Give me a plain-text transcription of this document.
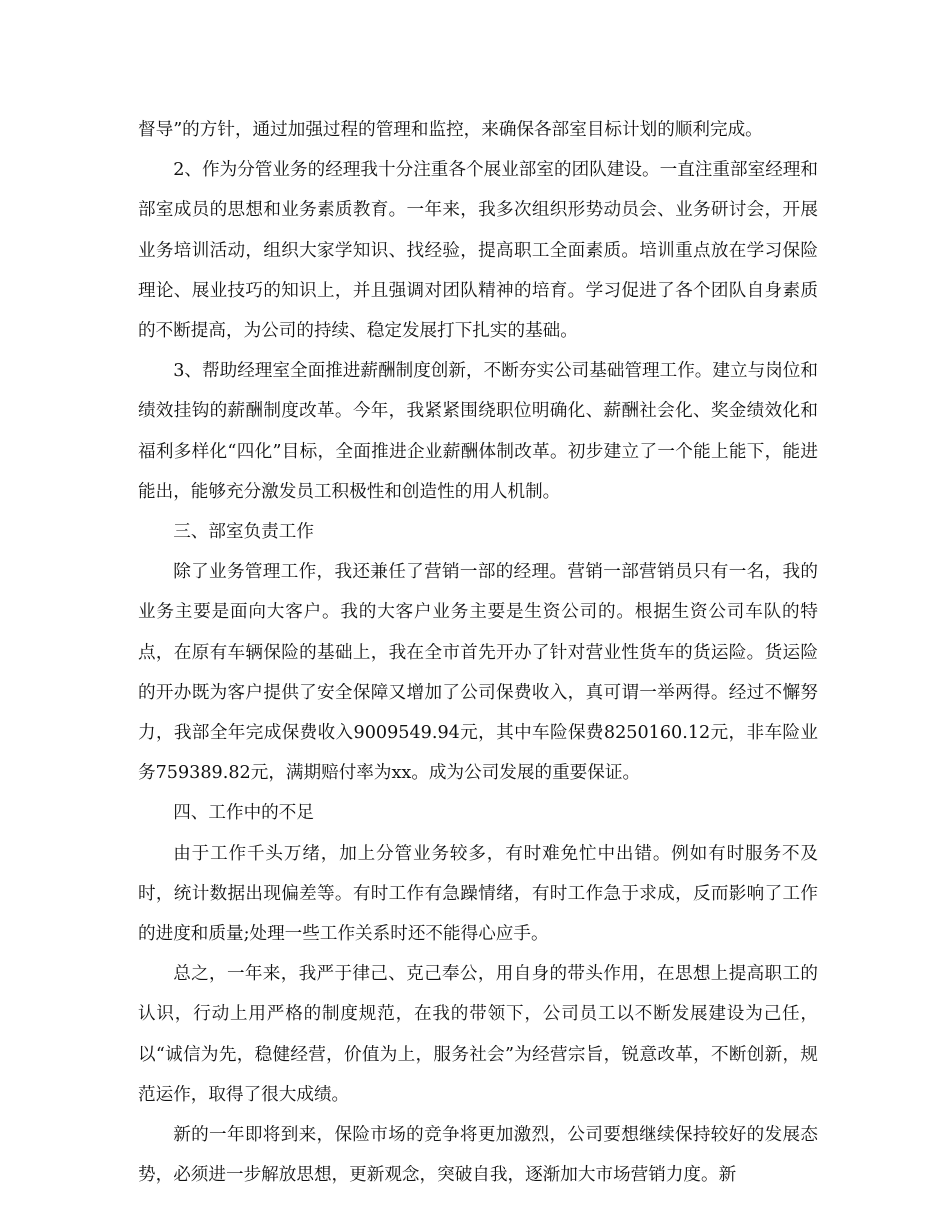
督导”的方针，通过加强过程的管理和监控，来确保各部室目标计划的顺利完成。

2、作为分管业务的经理我十分注重各个展业部室的团队建设。一直注重部室经理和部室成员的思想和业务素质教育。一年来，我多次组织形势动员会、业务研讨会，开展业务培训活动，组织大家学知识、找经验，提高职工全面素质。培训重点放在学习保险理论、展业技巧的知识上，并且强调对团队精神的培育。学习促进了各个团队自身素质的不断提高，为公司的持续、稳定发展打下扎实的基础。

3、帮助经理室全面推进薪酬制度创新，不断夯实公司基础管理工作。建立与岗位和绩效挂钩的薪酬制度改革。今年，我紧紧围绕职位明确化、薪酬社会化、奖金绩效化和福利多样化“四化”目标，全面推进企业薪酬体制改革。初步建立了一个能上能下，能进能出，能够充分激发员工积极性和创造性的用人机制。

三、部室负责工作

除了业务管理工作，我还兼任了营销一部的经理。营销一部营销员只有一名，我的业务主要是面向大客户。我的大客户业务主要是生资公司的。根据生资公司车队的特点，在原有车辆保险的基础上，我在全市首先开办了针对营业性货车的货运险。货运险的开办既为客户提供了安全保障又增加了公司保费收入，真可谓一举两得。经过不懈努力，我部全年完成保费收入9009549.94元，其中车险保费8250160.12元，非车险业务759389.82元，满期赔付率为xx。成为公司发展的重要保证。

四、工作中的不足

由于工作千头万绪，加上分管业务较多，有时难免忙中出错。例如有时服务不及时，统计数据出现偏差等。有时工作有急躁情绪，有时工作急于求成，反而影响了工作的进度和质量;处理一些工作关系时还不能得心应手。

总之，一年来，我严于律己、克己奉公，用自身的带头作用，在思想上提高职工的认识，行动上用严格的制度规范，在我的带领下，公司员工以不断发展建设为己任，以“诚信为先，稳健经营，价值为上，服务社会”为经营宗旨，锐意改革，不断创新，规范运作，取得了很大成绩。

新的一年即将到来，保险市场的竞争将更加激烈，公司要想继续保持较好的发展态势，必须进一步解放思想，更新观念，突破自我，逐渐加大市场营销力度。新
